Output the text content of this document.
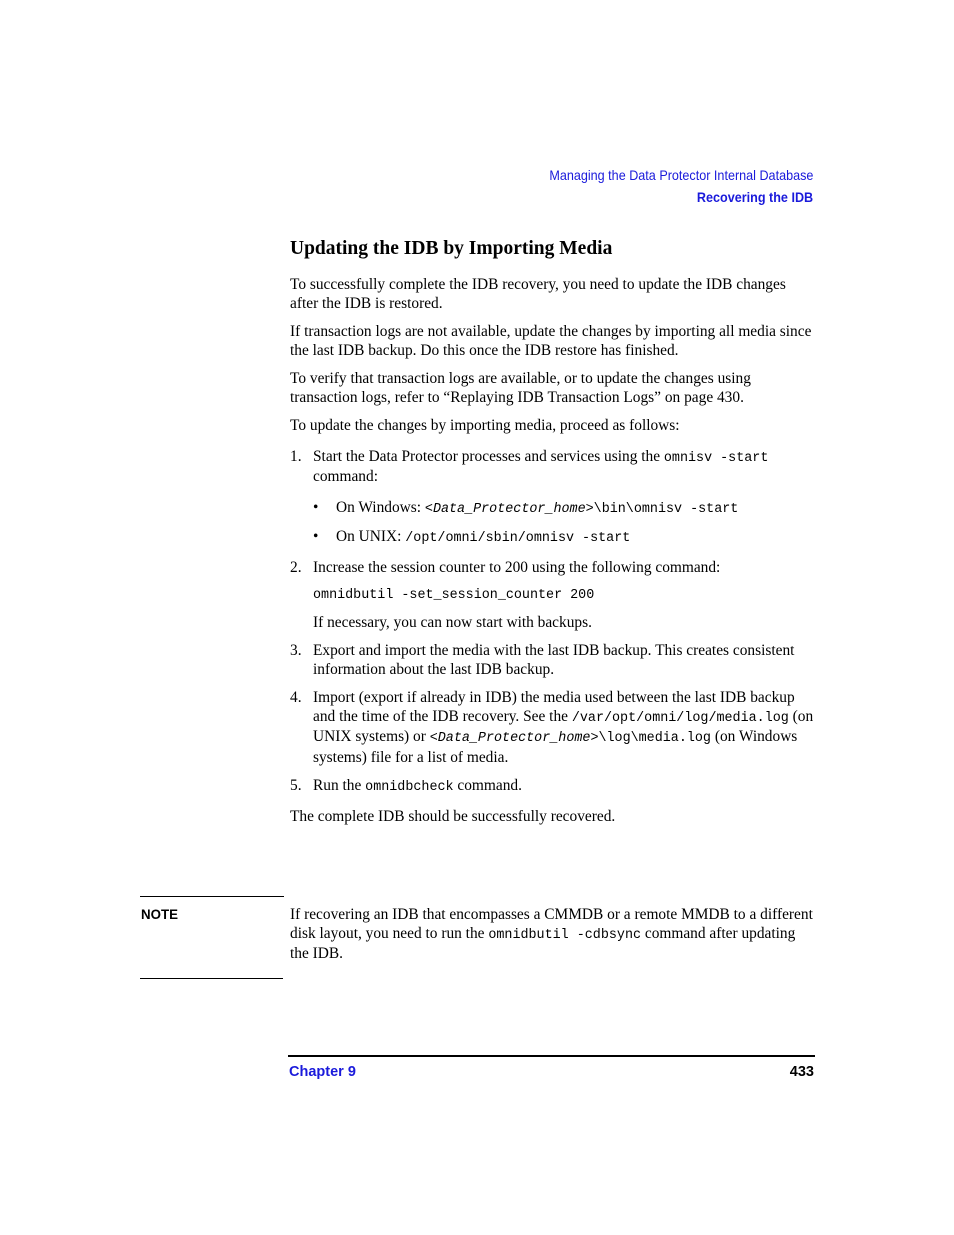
Managing the Data Protector Internal Database
Recovering the IDB
Updating the IDB by Importing Media

To successfully complete the IDB recovery, you need to update the IDB changes after the IDB is restored.

If transaction logs are not available, update the changes by importing all media since the last IDB backup. Do this once the IDB restore has finished.

To verify that transaction logs are available, or to update the changes using transaction logs, refer to “Replaying IDB Transaction Logs” on page 430.

To update the changes by importing media, proceed as follows:

1. Start the Data Protector processes and services using the omnisv -start command:
• On Windows: <Data_Protector_home>\bin\omnisv -start
• On UNIX: /opt/omni/sbin/omnisv -start
2. Increase the session counter to 200 using the following command:
omnidbutil -set_session_counter 200
If necessary, you can now start with backups.
3. Export and import the media with the last IDB backup. This creates consistent information about the last IDB backup.
4. Import (export if already in IDB) the media used between the last IDB backup and the time of the IDB recovery. See the /var/opt/omni/log/media.log (on UNIX systems) or <Data_Protector_home>\log\media.log (on Windows systems) file for a list of media.
5. Run the omnidbcheck command.

The complete IDB should be successfully recovered.

NOTE	If recovering an IDB that encompasses a CMMDB or a remote MMDB to a different disk layout, you need to run the omnidbutil -cdbsync command after updating the IDB.
Chapter 9	433
